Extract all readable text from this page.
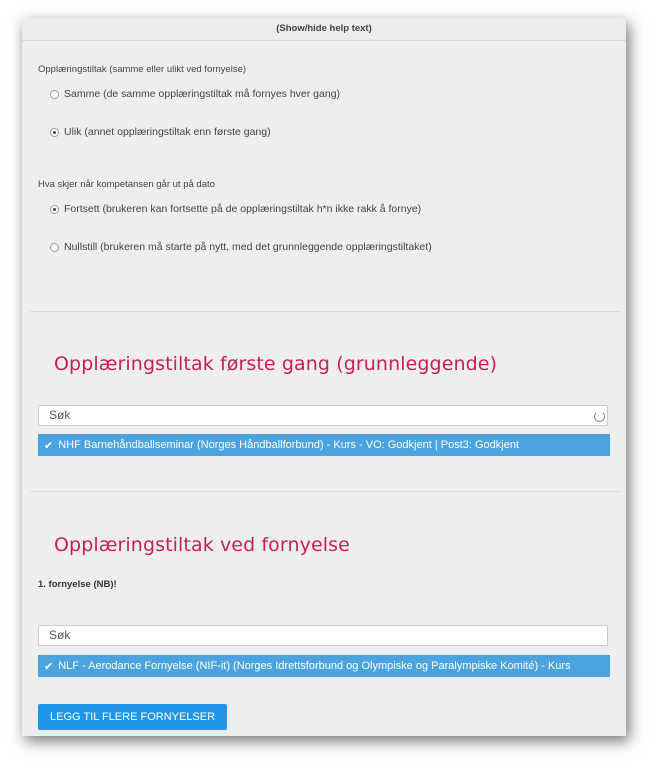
(Show/hide help text)
Opplæringstiltak (samme eller ulikt ved fornyelse)
Samme (de samme opplæringstiltak må fornyes hver gang)
Ulik (annet opplæringstiltak enn første gang)
Hva skjer når kompetansen går ut på dato
Fortsett (brukeren kan fortsette på de opplæringstiltak h*n ikke rakk å fornye)
Nullstill (brukeren må starte på nytt, med det grunnleggende opplæringstiltaket)
Opplæringstiltak første gang (grunnleggende)
Søk
✔ NHF Barnehåndballseminar (Norges Håndballforbund) - Kurs - VO: Godkjent | Post3: Godkjent
Opplæringstiltak ved fornyelse
1. fornyelse (NB)!
Søk
✔ NLF - Aerodance Fornyelse (NIF-it) (Norges Idrettsforbund og Olympiske og Paralympiske Komité) - Kurs
LEGG TIL FLERE FORNYELSER
